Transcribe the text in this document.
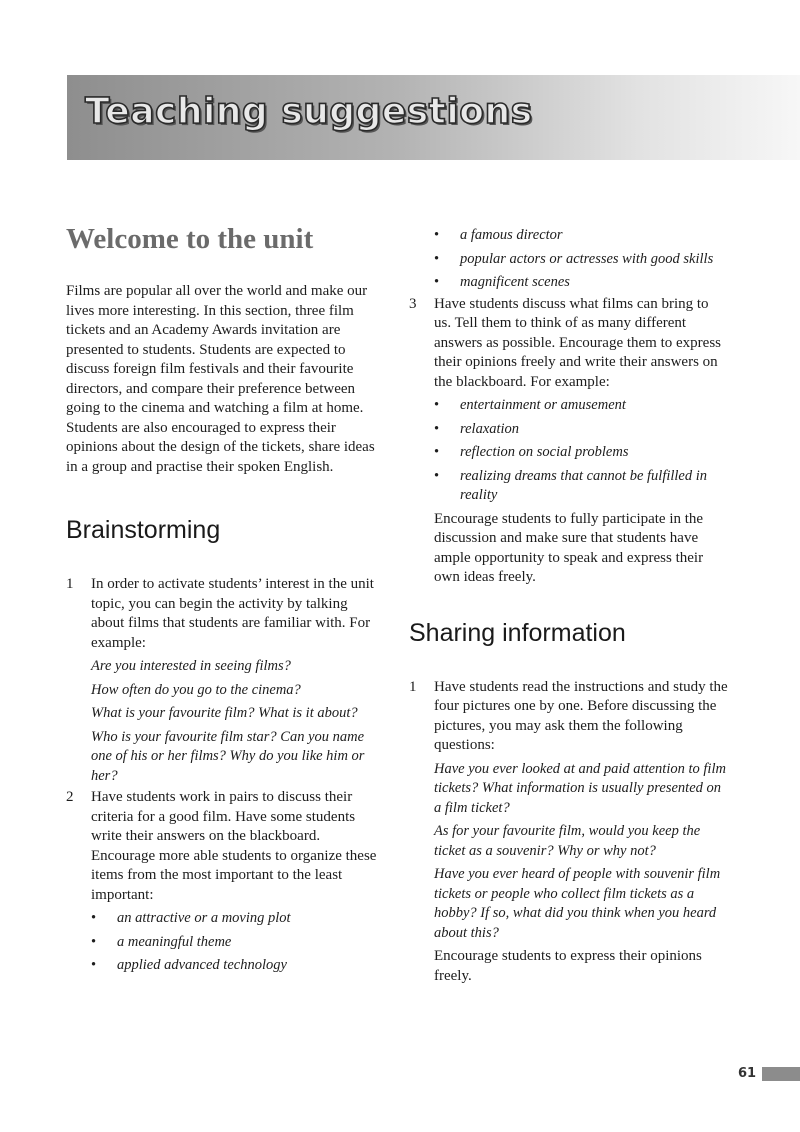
Teaching suggestions
Welcome to the unit

Films are popular all over the world and make our lives more interesting. In this section, three film tickets and an Academy Awards invitation are presented to students. Students are expected to discuss foreign film festivals and their favourite directors, and compare their preference between going to the cinema and watching a film at home. Students are also encouraged to express their opinions about the design of the tickets, share ideas in a group and practise their spoken English.

Brainstorming
1 In order to activate students’ interest in the unit topic, you can begin the activity by talking about films that students are familiar with. For example:

Are you interested in seeing films?

How often do you go to the cinema?

What is your favourite film? What is it about?

Who is your favourite film star? Can you name one of his or her films? Why do you like him or her?

2 Have students work in pairs to discuss their criteria for a good film. Have some students write their answers on the blackboard. Encourage more able students to organize these items from the most important to the least important:

• an attractive or a moving plot
• a meaningful theme
• applied advanced technology
• a famous director
• popular actors or actresses with good skills
• magnificent scenes
3 Have students discuss what films can bring to us. Tell them to think of as many different answers as possible. Encourage them to express their opinions freely and write their answers on the blackboard. For example:

• entertainment or amusement
• relaxation
• reflection on social problems
• realizing dreams that cannot be fulfilled in reality

Encourage students to fully participate in the discussion and make sure that students have ample opportunity to speak and express their own ideas freely.

Sharing information
1 Have students read the instructions and study the four pictures one by one. Before discussing the pictures, you may ask them the following questions:

Have you ever looked at and paid attention to film tickets? What information is usually presented on a film ticket?

As for your favourite film, would you keep the ticket as a souvenir? Why or why not?

Have you ever heard of people with souvenir film tickets or people who collect film tickets as a hobby? If so, what did you think when you heard about this?

Encourage students to express their opinions freely.

61
